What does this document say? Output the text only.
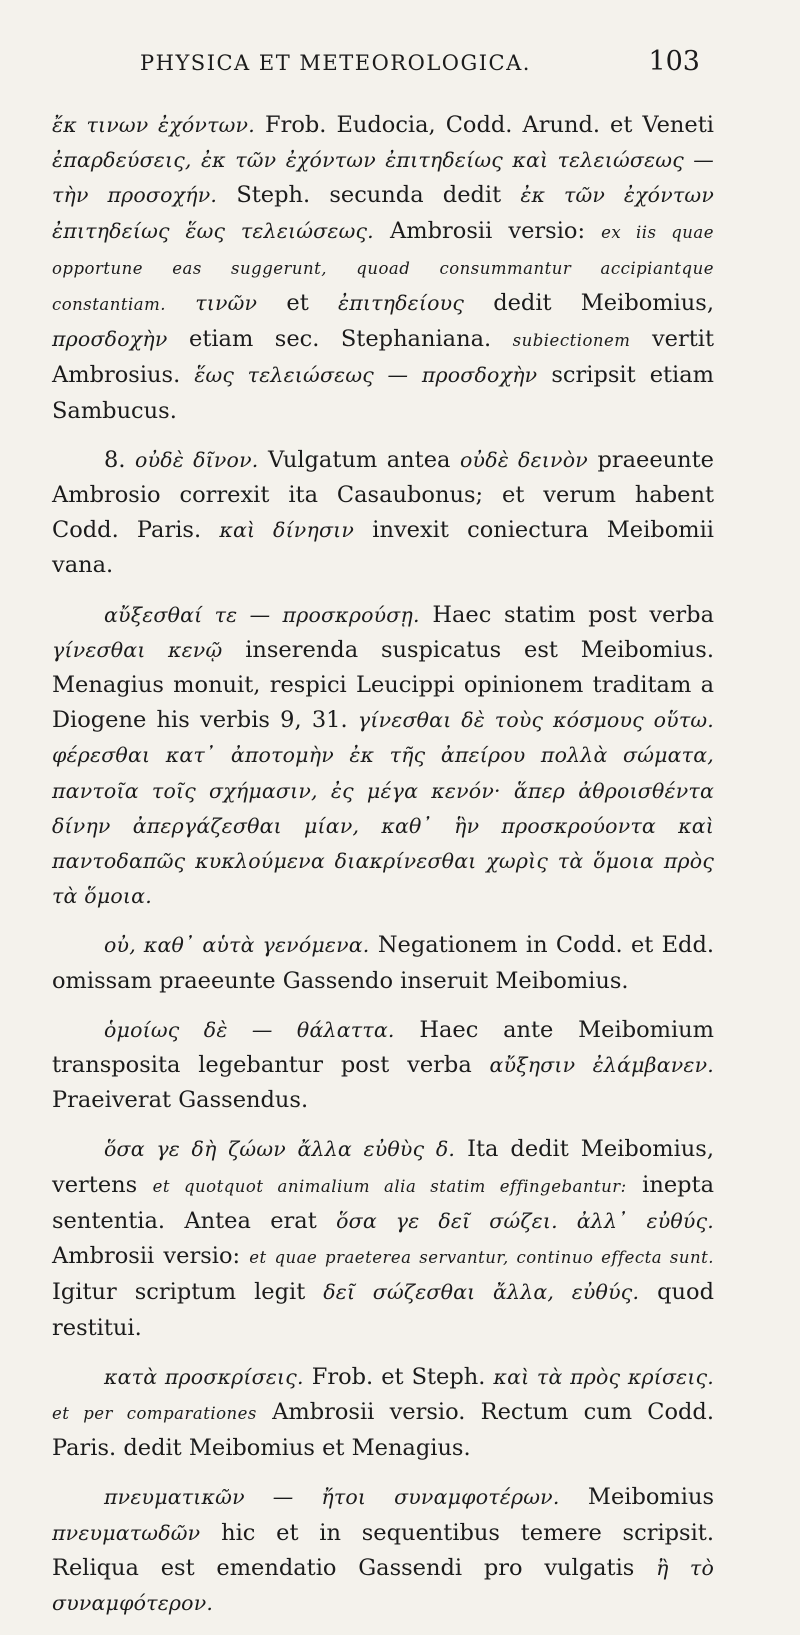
PHYSICA ET METEOROLOGICA.	103

ἔκ τινων ἐχόντων. Frob. Eudocia, Codd. Arund. et Veneti ἐπαρδεύσεις, ἐκ τῶν ἐχόντων ἐπιτηδείως καὶ τελειώσεως — τὴν προσοχήν. Steph. secunda dedit ἐκ τῶν ἐχόντων ἐπιτηδείως ἕως τελειώσεως. Ambrosii versio: ex iis quae opportune eas suggerunt, quoad consummantur accipiantque constantiam. τινῶν et ἐπιτηδείους dedit Meibomius, προσδοχὴν etiam sec. Stephaniana. subiectionem vertit Ambrosius. ἕως τελειώσεως — προσδοχὴν scripsit etiam Sambucus.

8. οὐδὲ δῖνον. Vulgatum antea οὐδὲ δεινὸν praeeunte Ambrosio correxit ita Casaubonus; et verum habent Codd. Paris. καὶ δίνησιν invexit coniectura Meibomii vana.

αὔξεσθαί τε — προσκρούσῃ. Haec statim post verba γίνεσθαι κενῷ inserenda suspicatus est Meibomius. Menagius monuit, respici Leucippi opinionem traditam a Diogene his verbis 9, 31. γίνεσθαι δὲ τοὺς κόσμους οὕτω. φέρεσθαι κατ᾽ ἀποτομὴν ἐκ τῆς ἀπείρου πολλὰ σώματα, παντοῖα τοῖς σχήμασιν, ἐς μέγα κενόν· ἅπερ ἀθροισθέντα δίνην ἀπεργάζεσθαι μίαν, καθ᾽ ἣν προσκρούοντα καὶ παντοδαπῶς κυκλούμενα διακρίνεσθαι χωρὶς τὰ ὅμοια πρὸς τὰ ὅμοια.

οὐ, καθ᾽ αὑτὰ γενόμενα. Negationem in Codd. et Edd. omissam praeeunte Gassendo inseruit Meibomius.

ὁμοίως δὲ — θάλαττα. Haec ante Meibomium transposita legebantur post verba αὔξησιν ἐλάμβανεν. Praeiverat Gassendus.

ὅσα γε δὴ ζώων ἄλλα εὐθὺς δ. Ita dedit Meibomius, vertens et quotquot animalium alia statim effingebantur: inepta sententia. Antea erat ὅσα γε δεῖ σώζει. ἀλλ᾽ εὐθύς. Ambrosii versio: et quae praeterea servantur, continuo effecta sunt. Igitur scriptum legit δεῖ σώζεσθαι ἄλλα, εὐθύς. quod restitui.

κατὰ προσκρίσεις. Frob. et Steph. καὶ τὰ πρὸς κρίσεις. et per comparationes Ambrosii versio. Rectum cum Codd. Paris. dedit Meibomius et Menagius.

πνευματικῶν — ἤτοι συναμφοτέρων. Meibomius πνευματωδῶν hic et in sequentibus temere scripsit. Reliqua est emendatio Gassendi pro vulgatis ἢ τὸ συναμφότερον.
